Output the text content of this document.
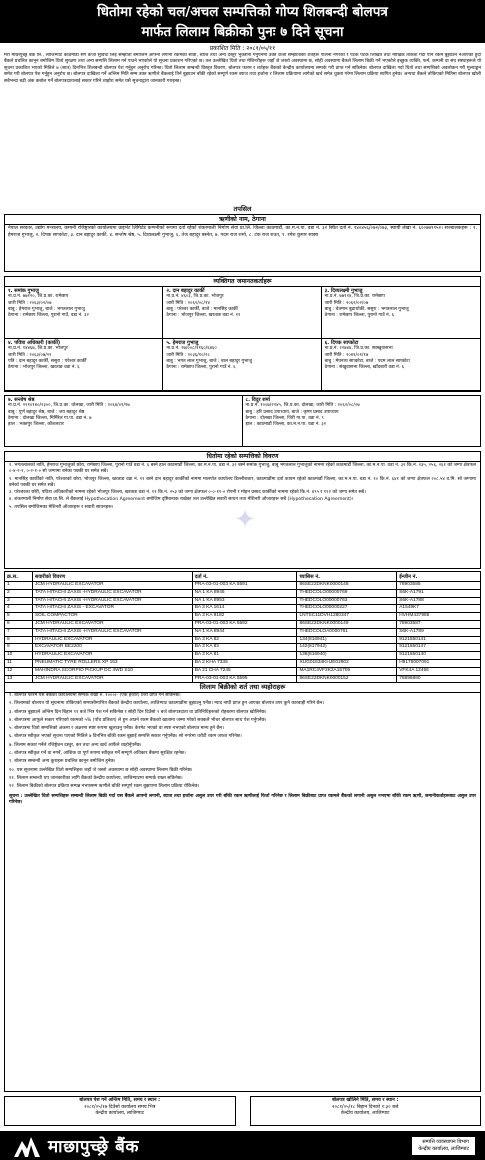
धितोमा रहेको चल/अचल सम्पत्तिको गोप्य शिलबन्दी बोलपत्र
मार्फत लिलाम बिक्रीको पुनः ७ दिने सूचना
प्रकाशित मिति : २०८१/०५/११
मेरो माछापुच्छ्रे बैंक लि., लाजिम्पाट काठमाडौं सँग कर्जा सुविधा लिई सम्झौता बमोजिम आफ्नो लगानी रकमको साँवा, ब्याज तथा अन्य दस्तुर भुक्तानी गर्नुपर्नेमा उक्त कर्जा सम्झौताका शर्तहरू पालना नगरेको र पटक पटक लिखित तथा मौखिक ताकेता गर्दा पनि रकम बुझाउन नआएको हुँदा बैंकले प्रचलित कानून बमोजिम धितो सुरक्षण तथा अन्य सम्पत्ति लिलाम गर्न पाउने भएकोले यो सूचना प्रकाशन गरिएको छ। तल उल्लेखित धितो तथा मेशिनरीहरू जहाँ जे जस्तो अवस्थामा छ, सोही अवस्थामा बैंकले लिलाम बिक्री गर्ने भएकोले इच्छुक व्यक्ति, फर्म, कम्पनी वा संघ संस्थाहरूले यो सूचना प्रकाशित भएको मितिले ७ (सात) दिनभित्र शिलबन्दी बोलपत्र पेश गर्नुहुन अनुरोध गरिन्छ। धितो लिलाम सम्बन्धी विस्तृत विवरण, बोलपत्र फारम र शर्तहरू बैंकको केन्द्रीय कार्यालयमा सम्पर्क गरी प्राप्त गर्न सकिनेछ। बोलपत्र दाखिला गर्दा धितो तथा सम्पत्तिको अवलोकन गरी मूल्याङ्कन समेत गरी बोलपत्र पेश गर्नुहुन अनुरोध छ। बोलपत्र दाखिला गर्ने अन्तिम मिति सम्म उक्त ऋणीले बैंकलाई तिर्न बुझाउन बाँकी रहेको सम्पूर्ण रकम ब्याज तथा हर्जाना र लिलाम प्रक्रियामा लागेको खर्च समेत चुक्ता गरेमा लिलाम प्रक्रिया स्थगित हुनेछ। अन्यथा बैंकले तोकिएको मितिमा बोलपत्र खोली सबैभन्दा बढी अंक कबोल गर्ने बोलपत्रदातालाई सकार गरिने व्यहोरा समेत यसै सूचनाद्वारा जानकारी गराइन्छ।
तपसिल
ऋणीको नाम, ठेगाना
नेपाल सरकार, उद्योग मन्त्रालय, कम्पनी रजिष्ट्रारको कार्यालयमा प्राइभेट लिमिटेड कम्पनीको रूपमा दर्ता रहेको शंकरमाली निर्माण सेवा प्रा.लि. जिल्ला काठमाडौं, का.म.न.पा. वडा नं. ३२ स्थित दर्ता नं. १४०४५६/०७२/०७३, स्थायी लेखा नं. ६००७७९९५२। सञ्चालकहरू : १. हेमराज गुभाजु, २. दिपक साप्कोटा, ३. दान बहादुर कार्की, ४. सन्तोष श्रेष्ठ, ५. दिव्यलक्ष्मी गुभाजु, ६. तेज बहादुर बस्नेत, ७. पदम राज शर्मा, ८. टंक राज राउत, ९. रमेश कुमार साक्य
व्यक्तिगत जमानतकर्ताहरू
१. समांक गुभाजु
ना.प्र.नं. ७७१२०, जि.प्र.का. रामेछाप
जारी मिति : २०६३/०२/०७
बाबु : हेमराज गुभाजु, बाजे : भगतलाल गुभाजु
ठेगाना : रामेछाप जिल्ला, पुरानो गाउँ, वडा नं. ३२
२. दान बहादुर कार्की
ना.प्र.नं. ४६०३, जि.प्र.का. भोजपुर
जारी मिति : २०६२/०८/१४
बाबु : परेश्वर कार्की, बाजे : मानसिंह कार्की
ठेगाना : भोजपुर जिल्ला, खरताङ वडा नं. ११
३. दिव्यलक्ष्मी गुभाजु
ना.प्र.नं. ७७११४, जि.प्र.का. रामेछाप
जारी मिति : २०६२/०२/०७
बाबु : चेतमान बुढाथोकी, ससुरा : भगतलाल गुभाजु
ठेगाना : रामेछाप जिल्ला, पुरानो गाउँ नं. ६
४. पवित्रा अधिकारी (कार्की)
ना.प्र.नं. १४४६७, जि.प्र.का. भोजपुर
जारी मिति : २०६३/०७/२२
पति : दान बहादुर कार्की, ससुरा : परेश्वर कार्की
ठेगाना : भोजपुर जिल्ला, खरताङ वडा नं. ६
५. हेमराज गुभाजु
ना.प्र.नं. २७/००८/११६०/६४६०
जारी मिति : २०३६/१०/२८
बाबु : भगत लाल गुभाजु, बाजे : बाल बहादुर गुभाजु
ठेगाना : रामेछाप जिल्ला, पुरानो गाउँ नं. ६
६. दिपक साप्कोटा
ना.प्र.नं. २२७४४, जि.प्र.का. सक्खुवासभा
जारी मिति : २०४१/०१/१७
बाबु : मेघनाथ साप्कोटा, बाजे : पदम लाल साप्कोटा
ठेगाना : संखुवासभा जिल्ला, खाँदबारी वडा नं. ६
७. सन्तोष श्रेष्ठ
ना.प्र.नं. २२१०१४०/२३००, जि.प्र.का. धोलखा, जारी मिति : २०६४/०९/१७
बाबु : पुर्ण बहादुर श्रेष्ठ, बाजे : जय बहादुर श्रेष्ठ
ठेगाना : दोलखा जिल्ला, मिर्मिरेल गा.पा. वडा नं. ७
हाल : भक्तपुर जिल्ला, कौशलटार
८. विदुर शर्मा
ना.प्र.नं. १००७/२२४५, जि.प्र.का. दोलखा, जारी मिति : २०६२/०८/०७
बाबु : हरि प्रसाद उपाध्याय, बाजे : कृष्ण प्रसाद उपाध्याय
ठेगाना : दोलखा जिल्ला, जिरी गा.पा. वडा नं. ९
हाल : काठमाडौं जिल्ला, का.म.न.पा. वडा नं. ३२
धितोमा रहेको सम्पत्तिको विवरण
१. भगतलालको नाति, हेमराज गुभाजुको छोरा, रामेछाप जिल्ला, पुरानो गाउँ वडा नं. ६ बस्ने हाल काठमाडौं जिल्ला, का.म.न.पा. वडा नं. ३२ बस्ने समांक गुभाजु, बाबु भगतलाल गुभाजुको नाममा रहेको काठमाडौं जिल्ला, का.म.न.पा. वडा नं. ३२ कि.नं. २३५, २५६, २६१ को जग्गा क्षेत्रफल ०-४-२-२, ०-२-१-० सो जग्गामा बनेका पक्की घर समेत सबै।
२. मानसिंह कार्कीको नाति, परेश्वरको छोरा, भोजपुर जिल्ला, खरताङ वडा नं. ११ बस्ने दान बहादुर कार्कीको नाममा मालपोत कार्यालय डिल्लीबजार, काठमाडौंमा दर्ता कायम रहेको काठमाडौं जिल्ला, का.म.न.पा. वडा नं. १० कि.नं. ६४१ को जग्गा क्षेत्रफल २०८.५४ व.मि. सो जग्गामा बनेको पक्की घर समेत सबै।
३. परेश्वरका छोरी, पवित्रा अधिकारीको नाममा रहेको भोजपुर जिल्ला, खरताङ वडा नं. ११ कि.नं. २५३ को जग्गा क्षेत्रफल ०-०-११-० रोपनी र मोहन प्रसाद कार्कीको नाममा रहेको कि.नं. ४९५ र १९२ को जग्गा समेत सबै।
४. शंकरमाली निर्माण सेवा प्रा.लि. ले बैंकलाई Hypothecation Agreement बमोजिम दृष्टिबन्धक राखेका तल उल्लेखित सवारी साधन तथा मेशिनरी औजारहरू सबै (Hypothecation Agreement)।
५. तपसिल बमोजिमका मेशिनरी औजारहरू र सवारी साधनहरू।	✦
क्र.स.	सवारीको विवरण	दर्ता नं.	च्यासिस नं.	ईन्जीन नं.
1	JCM HYDRAULIC EXCAVATOR	PRA-03-01-003 KA 5591	86SE22DKNK0000148	78903585
2	TATA HITACHI ZAXIS -HYDRAULIC EXCAVATOR	NA 1 KA 8945	THEDCOLO00000769	S6K-A1791
3	TATA HITACHI ZAXIS -HYDRAULIC EXCAVATOR	NA 1 KA 8953	THEDCOLO00000763	S6K-A1788
4	TATA HITACHI ZAXIS - EXCAVATOR	BA 3 KA 1614	THEDCOLO00000227	A1549K7
5	SOIL COMPACTOR	BA 3 KA 9182	LNTSC11DVH1280347	HVHM437985
6	JCM HYDRAULIC EXCAVATOR	PRA-03-01-003 KA 5592	86SE22DKNK0000149	78903587
7	TATA HITACHI ZAXIS -HYDRAULIC EXCAVATOR	NA 1 KA 8944	THEDCOLOA0000761	S6K-A1789
8	HYDRAULIC EXCAVATOR	BA 3 KA 82	134(816941)	9121550141
9	EXCAVATOR BE2200	BA 3 KA 83	142(817942)	9121550147
10	HYDRAULIC EXCAVATOR	BA 3 KA 81	138(816940)	9121550140
11	PNEUMATIC TYRE ROLLERS XP 163	BA 2 KHA 7335	XUG01634KHJE02902	H9176007091
12	MAHINDRA SCORPIO PICKUP DC 4WD S10	BA 21 CHA 7245	MA1RC4VF2K2A15709	VFK4A 12456
13	JCM HYDRAULIC EXCAVATOR	PRA-03-01-003 KA 5595	86SE22DKNK0000152	78896860
लिलाम बिक्रीको शर्त तथा व्यहोराहरू
१. बोलपत्र फारम यस बैंकका कार्यालयमा सम्पर्क राखी रु. १०००/- (एक हजार) तिरी प्राप्त गर्न सकिनेछ।
२. लिलामको बोलपत्र यो सूचनामा तोकिएको समयसीमाभित्र बैंकको केन्द्रीय कार्यालय, लाजिम्पाट काठमाडौंमा बुझाउनु पर्नेछ। म्याद नाघी प्राप्त हुन आएका बोलपत्र उपर कुनै कारबाही गरिने छैन।
३. बोलपत्र बुझाउने अन्तिम दिन बिहान ११ बजे भित्र पेश गर्न सकिनेछ र सोही दिन दिउँसो २ बजे बोलपत्रदाता वा प्रतिनिधिहरूको रोहबरमा बोलपत्र खोलिनेछ।
४. बोलपत्रमा आफूले सकार गरिएको रकमको ५% (पाँच प्रतिशत) ले हुन आउने रकम बैंकको खातामा जम्मा गरेको सक्कलै भौचर बोलपत्र साथ पेश गर्नुपर्नेछ।
५. बोलपत्रमा धितो सम्पत्तिको अंकमा र अक्षरमा स्पष्ट रूपमा खुलाउनु पर्नेछ। केरमेट भएको वा स्पष्ट नभएको बोलपत्र मान्य हुने छैन।
६. बोलपत्र स्वीकृत भएको सूचना पाएको मितिले ७ दिनभित्र बाँकी रकम बुझाई सम्पत्ति सकार गर्नुपर्नेछ। सो नगरेमा धरौटी रकम जफत गरिनेछ।
७. लिलाम सकार गर्नेले रजिष्ट्रेशन दस्तुर, कर तथा अन्य खर्च आफैंले व्यहोर्नुपर्नेछ।
८. बोलपत्र स्वीकृत गर्ने वा नगर्ने, आंशिक वा पूर्ण रूपमा स्वीकृत गर्ने सम्पूर्ण अधिकार बैंकमा सुरक्षित रहनेछ।
९. बोलपत्र सम्बन्धी अन्य कुराहरू प्रचलित कानून बमोजिम हुनेछ।
१०. यस सूचनामा उल्लेखित धितो सम्पत्तिहरू जहाँ जे जस्तो अवस्थामा छ सोही अवस्थामा लिलाम बिक्री गरिनेछ।
११. लिलाम सम्बन्धी थप जानकारीका लागि बैंकको केन्द्रीय कार्यालय, लाजिम्पाटमा सम्पर्क राख्न सकिनेछ।
१२. लिलाम बिक्रीको बोलपत्र प्रक्रिया सम्पन्न नभएसम्म ऋणीले बाँकी सम्पूर्ण रकम बुझाएमा लिलाम प्रक्रिया रोकिनेछ।
सूचना : उल्लेखित धितो सम्पत्तिहरू सम्बन्धी लिलाम बिक्री गर्दा यस बैंकले आफ्नो लगानी, ब्याज तथा हर्जाना असुल उपर गरी बाँकी रकम ऋणीलाई फिर्ता गरिनेछ र लिलाम बिक्रीबाट प्राप्त रकमले बैंकको लगानी असुल नभएमा बाँकी रकम ऋणी, जमानीकर्ताहरूबाट असुल उपर गरिनेछ।
बोलपत्र पेश गर्ने अन्तिम मिति, समय र स्थान :
२०८१/०५/१७ दिउँसो कार्यालय समय भित्र
केन्द्रीय कार्यालय, लाजिम्पाट
बोलपत्र खोलिने मिति, समय र स्थान :
२०८१/०५/१८ बिहान दिनको १:३० बजे
केन्द्रीय कार्यालय, लाजिम्पाट
माछापुच्छ्रे बैंक	सम्पत्ति व्यवस्थापन विभाग
केन्द्रीय कार्यालय, लाजिम्पाट
